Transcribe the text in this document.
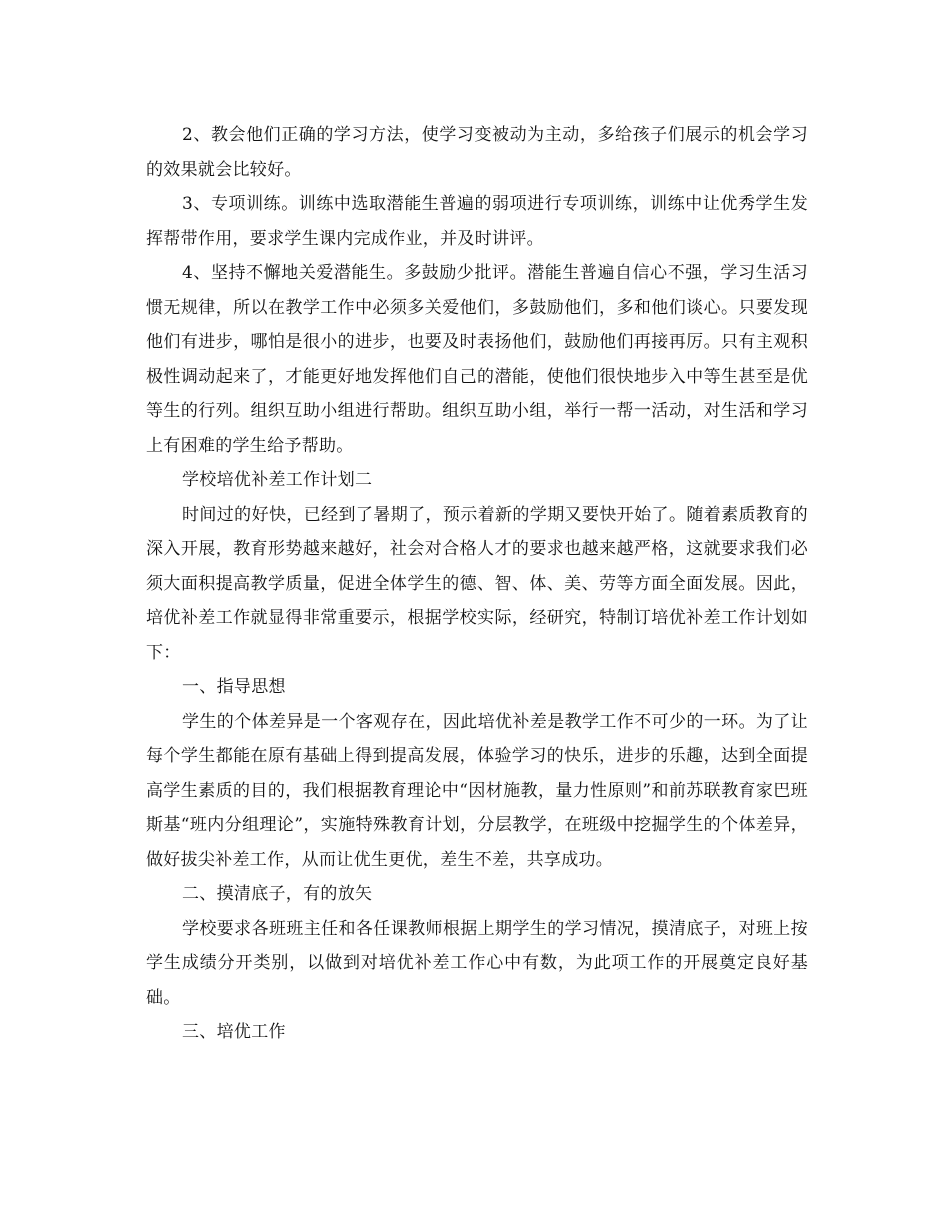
2、教会他们正确的学习方法，使学习变被动为主动，多给孩子们展示的机会学习的效果就会比较好。

3、专项训练。训练中选取潜能生普遍的弱项进行专项训练，训练中让优秀学生发挥帮带作用，要求学生课内完成作业，并及时讲评。

4、坚持不懈地关爱潜能生。多鼓励少批评。潜能生普遍自信心不强，学习生活习惯无规律，所以在教学工作中必须多关爱他们，多鼓励他们，多和他们谈心。只要发现他们有进步，哪怕是很小的进步，也要及时表扬他们，鼓励他们再接再厉。只有主观积极性调动起来了，才能更好地发挥他们自己的潜能，使他们很快地步入中等生甚至是优等生的行列。组织互助小组进行帮助。组织互助小组，举行一帮一活动，对生活和学习上有困难的学生给予帮助。

学校培优补差工作计划二

时间过的好快，已经到了暑期了，预示着新的学期又要快开始了。随着素质教育的深入开展，教育形势越来越好，社会对合格人才的要求也越来越严格，这就要求我们必须大面积提高教学质量，促进全体学生的德、智、体、美、劳等方面全面发展。因此，培优补差工作就显得非常重要示，根据学校实际，经研究，特制订培优补差工作计划如下：

一、指导思想

学生的个体差异是一个客观存在，因此培优补差是教学工作不可少的一环。为了让每个学生都能在原有基础上得到提高发展，体验学习的快乐，进步的乐趣，达到全面提高学生素质的目的，我们根据教育理论中“因材施教，量力性原则”和前苏联教育家巴班斯基“班内分组理论”，实施特殊教育计划，分层教学，在班级中挖掘学生的个体差异，做好拔尖补差工作，从而让优生更优，差生不差，共享成功。

二、摸清底子，有的放矢

学校要求各班班主任和各任课教师根据上期学生的学习情况，摸清底子，对班上按学生成绩分开类别，以做到对培优补差工作心中有数，为此项工作的开展奠定良好基础。

三、培优工作
